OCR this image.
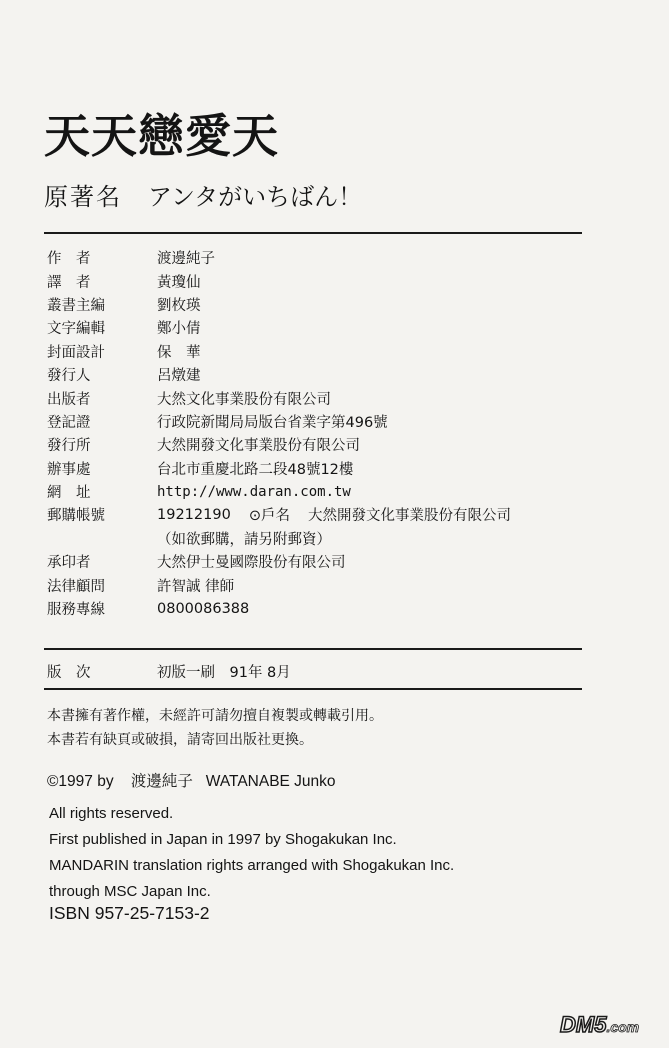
天天戀愛天
原著名 アンタがいちばん！
作　者	渡邊純子
譯　者	黃瓊仙
叢書主編	劉枚瑛
文字編輯	鄭小倩
封面設計	保　華
發行人	呂燉建
出版者	大然文化事業股份有限公司
登記證	行政院新聞局局版台省業字第496號
發行所	大然開發文化事業股份有限公司
辦事處	台北市重慶北路二段48號12樓
網　址	http://www.daran.com.tw
郵購帳號	19212190 ⊙戶名 大然開發文化事業股份有限公司
（如欲郵購，請另附郵資）
承印者	大然伊士曼國際股份有限公司
法律顧問	許智誠 律師
服務專線	0800086388
版　次	初版一刷　91年 8月
本書擁有著作權，未經許可請勿擅自複製或轉載引用。
本書若有缺頁或破損，請寄回出版社更換。
©1997 by 渡邊純子 WATANABE Junko
All rights reserved.
First published in Japan in 1997 by Shogakukan Inc.
MANDARIN translation rights arranged with Shogakukan Inc.
through MSC Japan Inc.
ISBN 957-25-7153-2
DM5.com
